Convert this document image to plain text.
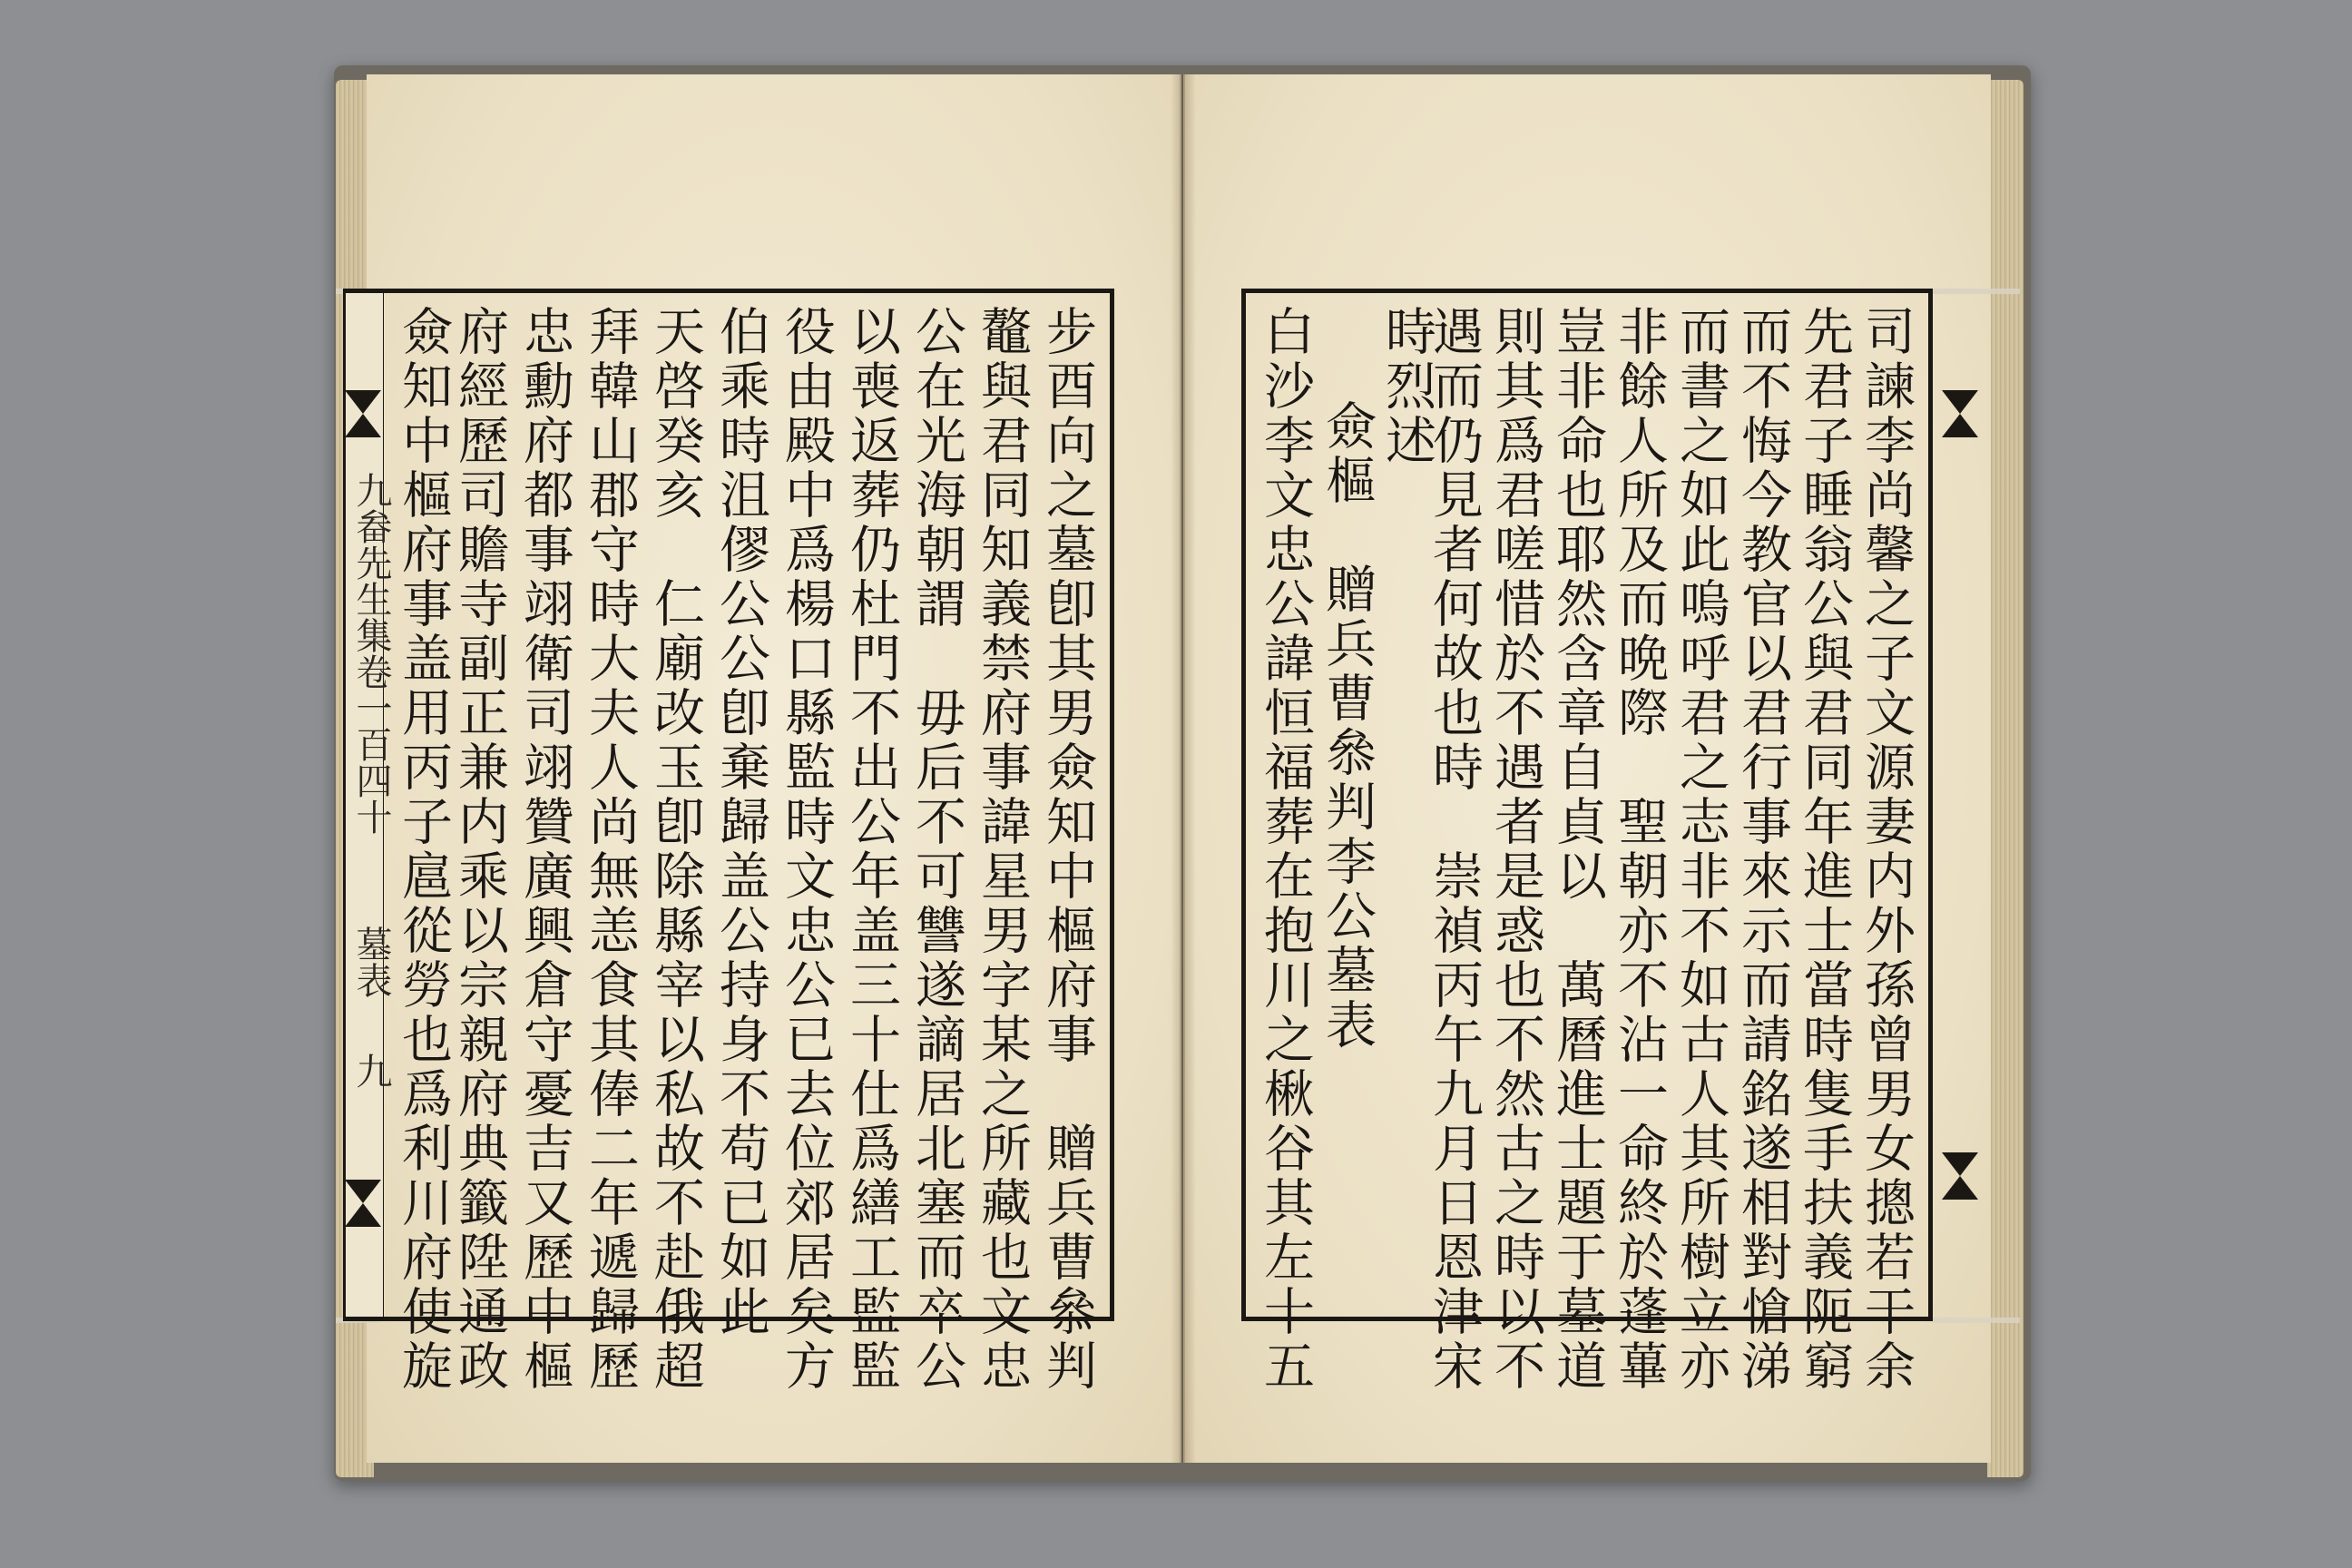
九畚先生集卷一百四十
墓表
九	步酉向之墓卽其男僉知中樞府事　贈兵曹叅判
鼇與君同知義禁府事諱星男字某之所藏也文忠
公在光海朝謂　毋后不可讐遂謫居北塞而卒公
以喪返葬仍杜門不出公年盖三十仕爲繕工監監
役由殿中爲楊口縣監時文忠公已去位郊居矣方
伯乘時沮僇公公卽棄歸盖公持身不苟已如此
天啓癸亥　仁廟改玉卽除縣宰以私故不赴俄超
拜韓山郡守時大夫人尚無恙食其俸二年遞歸歷
忠勳府都事翊衛司翊贊廣興倉守憂吉又歷中樞
府經歷司贍寺副正兼内乘以宗親府典籤陞通政
僉知中樞府事盖用丙子扈從勞也爲利川府使旋	司諫李尚馨之子文源妻内外孫曾男女摠若干余
先君子睡翁公與君同年進士當時隻手扶義阨窮
而不悔今教官以君行事來示而請銘遂相對愴涕
而書之如此嗚呼君之志非不如古人其所樹立亦
非餘人所及而晩際　聖朝亦不沾一命終於蓬蓽
豈非命也耶然含章自貞以　萬曆進士題于墓道
則其爲君嗟惜於不遇者是惑也不然古之時以不
遇而仍見者何故也時　崇禎丙午九月日恩津宋
時烈述
僉樞　贈兵曹叅判李公墓表
白沙李文忠公諱恒福葬在抱川之楸谷其左十五
